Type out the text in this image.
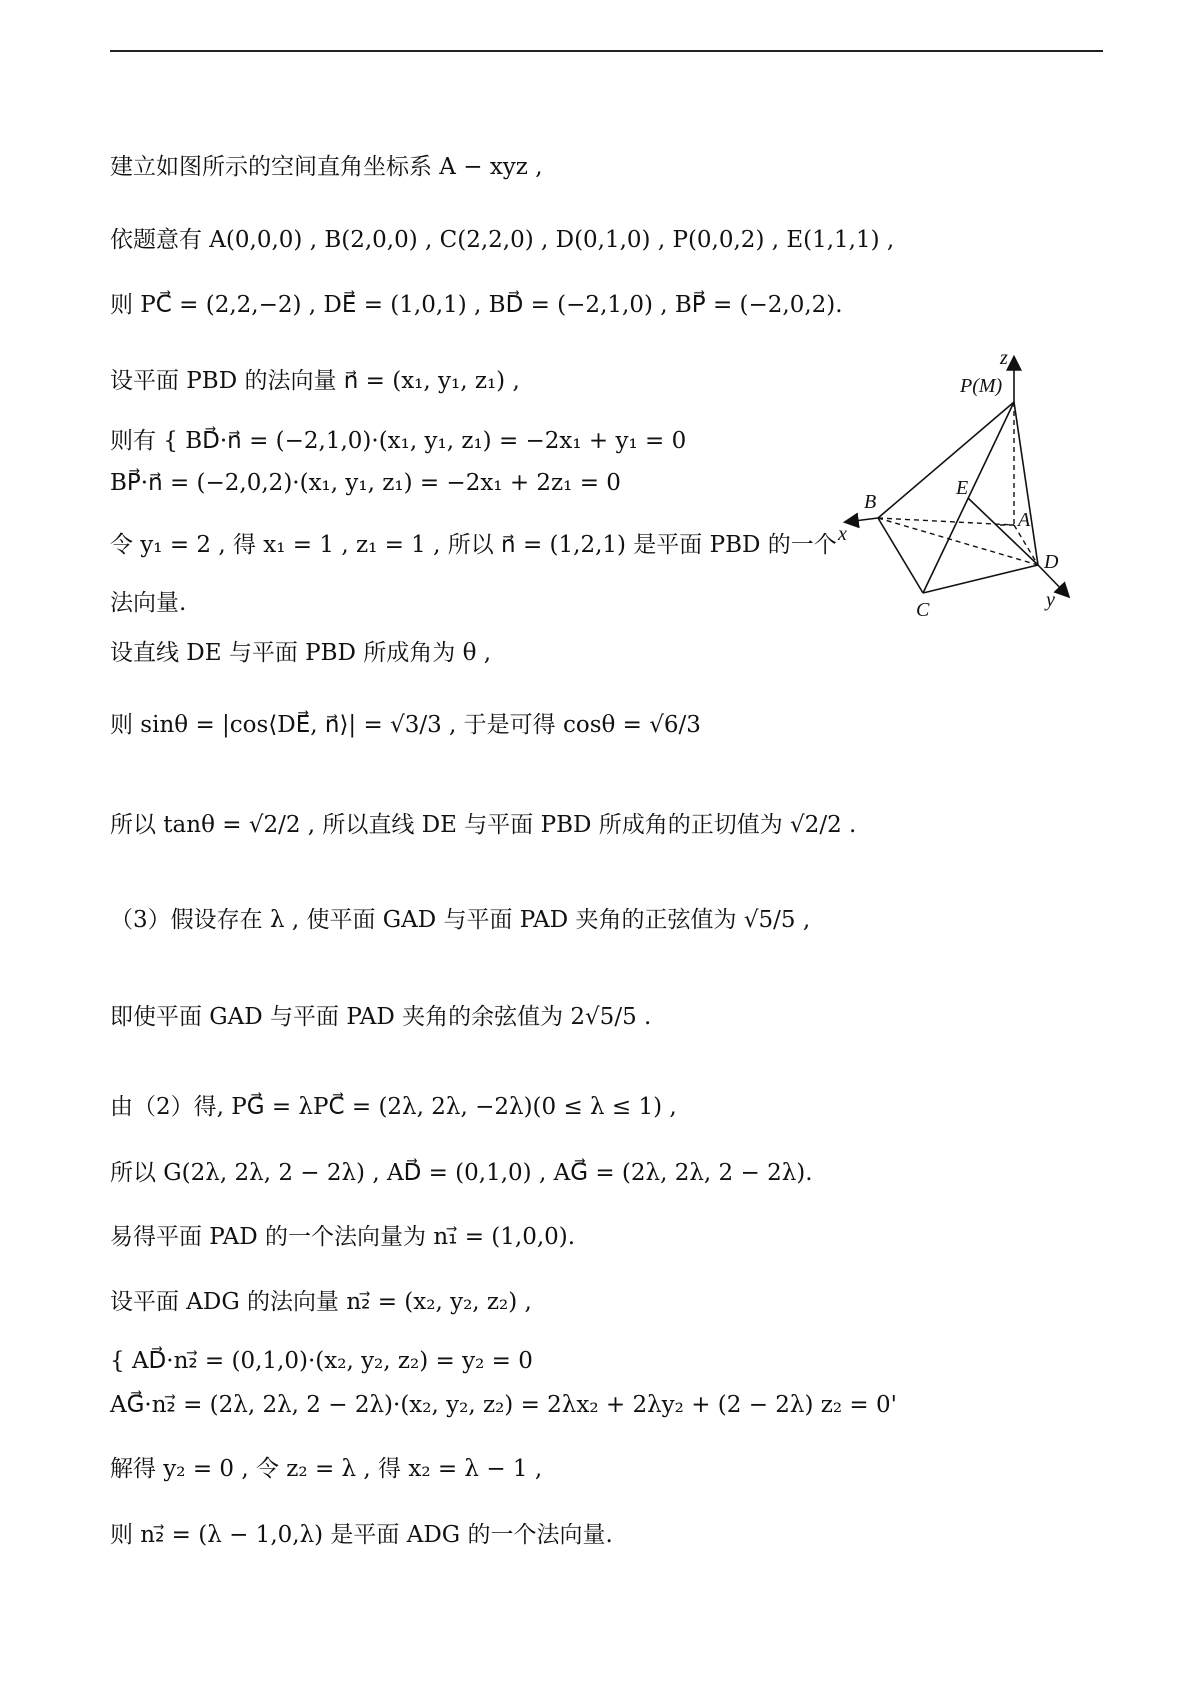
建立如图所示的空间直角坐标系 A − xyz ,
依题意有 A(0,0,0) , B(2,0,0) , C(2,2,0) , D(0,1,0) , P(0,0,2) , E(1,1,1) ,
则 PC⃗ = (2,2,−2) , DE⃗ = (1,0,1) , BD⃗ = (−2,1,0) , BP⃗ = (−2,0,2).
设平面 PBD 的法向量 n⃗ = (x₁, y₁, z₁) ,
则有 { BD⃗·n⃗ = (−2,1,0)·(x₁, y₁, z₁) = −2x₁ + y₁ = 0
BP⃗·n⃗ = (−2,0,2)·(x₁, y₁, z₁) = −2x₁ + 2z₁ = 0
令 y₁ = 2 , 得 x₁ = 1 , z₁ = 1 , 所以 n⃗ = (1,2,1) 是平面 PBD 的一个
法向量.
设直线 DE 与平面 PBD 所成角为 θ ,
则 sinθ = |cos⟨DE⃗, n⃗⟩| = √3/3 , 于是可得 cosθ = √6/3
所以 tanθ = √2/2 , 所以直线 DE 与平面 PBD 所成角的正切值为 √2/2 .
（3）假设存在 λ , 使平面 GAD 与平面 PAD 夹角的正弦值为 √5/5 ,
即使平面 GAD 与平面 PAD 夹角的余弦值为 2√5/5 .
由（2）得, PG⃗ = λPC⃗ = (2λ, 2λ, −2λ)(0 ≤ λ ≤ 1) ,
所以 G(2λ, 2λ, 2 − 2λ) , AD⃗ = (0,1,0) , AG⃗ = (2λ, 2λ, 2 − 2λ).
易得平面 PAD 的一个法向量为 n₁⃗ = (1,0,0).
设平面 ADG 的法向量 n₂⃗ = (x₂, y₂, z₂) ,
{ AD⃗·n₂⃗ = (0,1,0)·(x₂, y₂, z₂) = y₂ = 0
AG⃗·n₂⃗ = (2λ, 2λ, 2 − 2λ)·(x₂, y₂, z₂) = 2λx₂ + 2λy₂ + (2 − 2λ) z₂ = 0'
解得 y₂ = 0 , 令 z₂ = λ , 得 x₂ = λ − 1 ,
则 n₂⃗ = (λ − 1,0,λ) 是平面 ADG 的一个法向量.
z
P(M)
B
x
E
A
D
C	y
